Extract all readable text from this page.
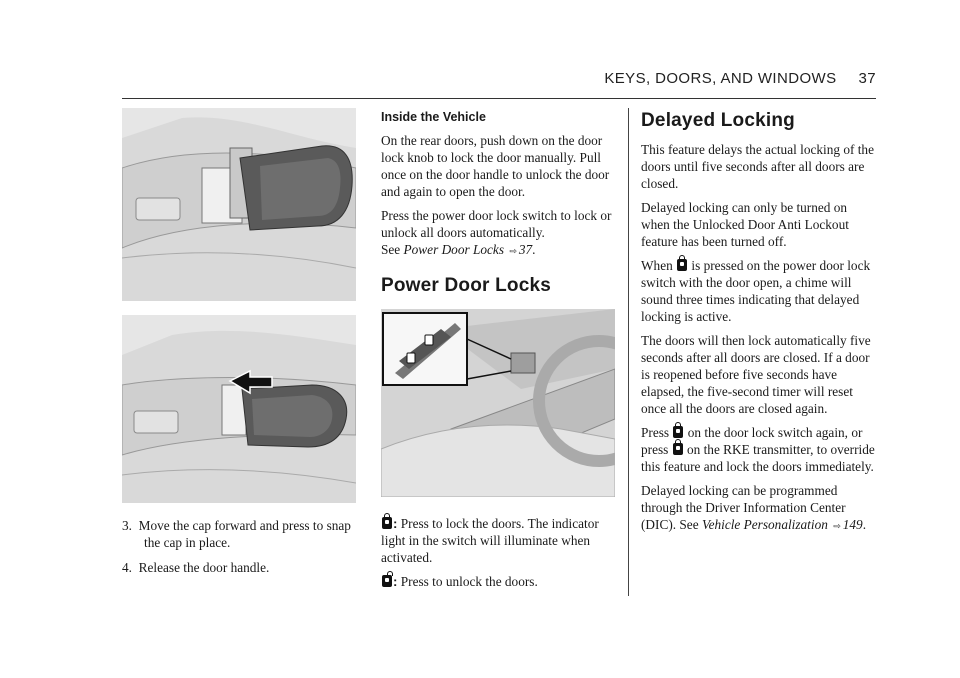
KEYS, DOORS, AND WINDOWS 37
3. Move the cap forward and press to snap the cap in place.
4. Release the door handle.
Inside the Vehicle

On the rear doors, push down on the door lock knob to lock the door manually. Pull once on the door handle to unlock the door and again to open the door.

Press the power door lock switch to lock or unlock all doors automatically.
See Power Door Locks ⇨ 37.

Power Door Locks

: Press to lock the doors. The indicator light in the switch will illuminate when activated.

: Press to unlock the doors.

Delayed Locking

This feature delays the actual locking of the doors until five seconds after all doors are closed.

Delayed locking can only be turned on when the Unlocked Door Anti Lockout feature has been turned off.

When is pressed on the power door lock switch with the door open, a chime will sound three times indicating that delayed locking is active.

The doors will then lock automatically five seconds after all doors are closed. If a door is reopened before five seconds have elapsed, the five-second timer will reset once all the doors are closed again.

Press on the door lock switch again, or press on the RKE transmitter, to override this feature and lock the doors immediately.

Delayed locking can be programmed through the Driver Information Center (DIC). See Vehicle Personalization ⇨ 149.
